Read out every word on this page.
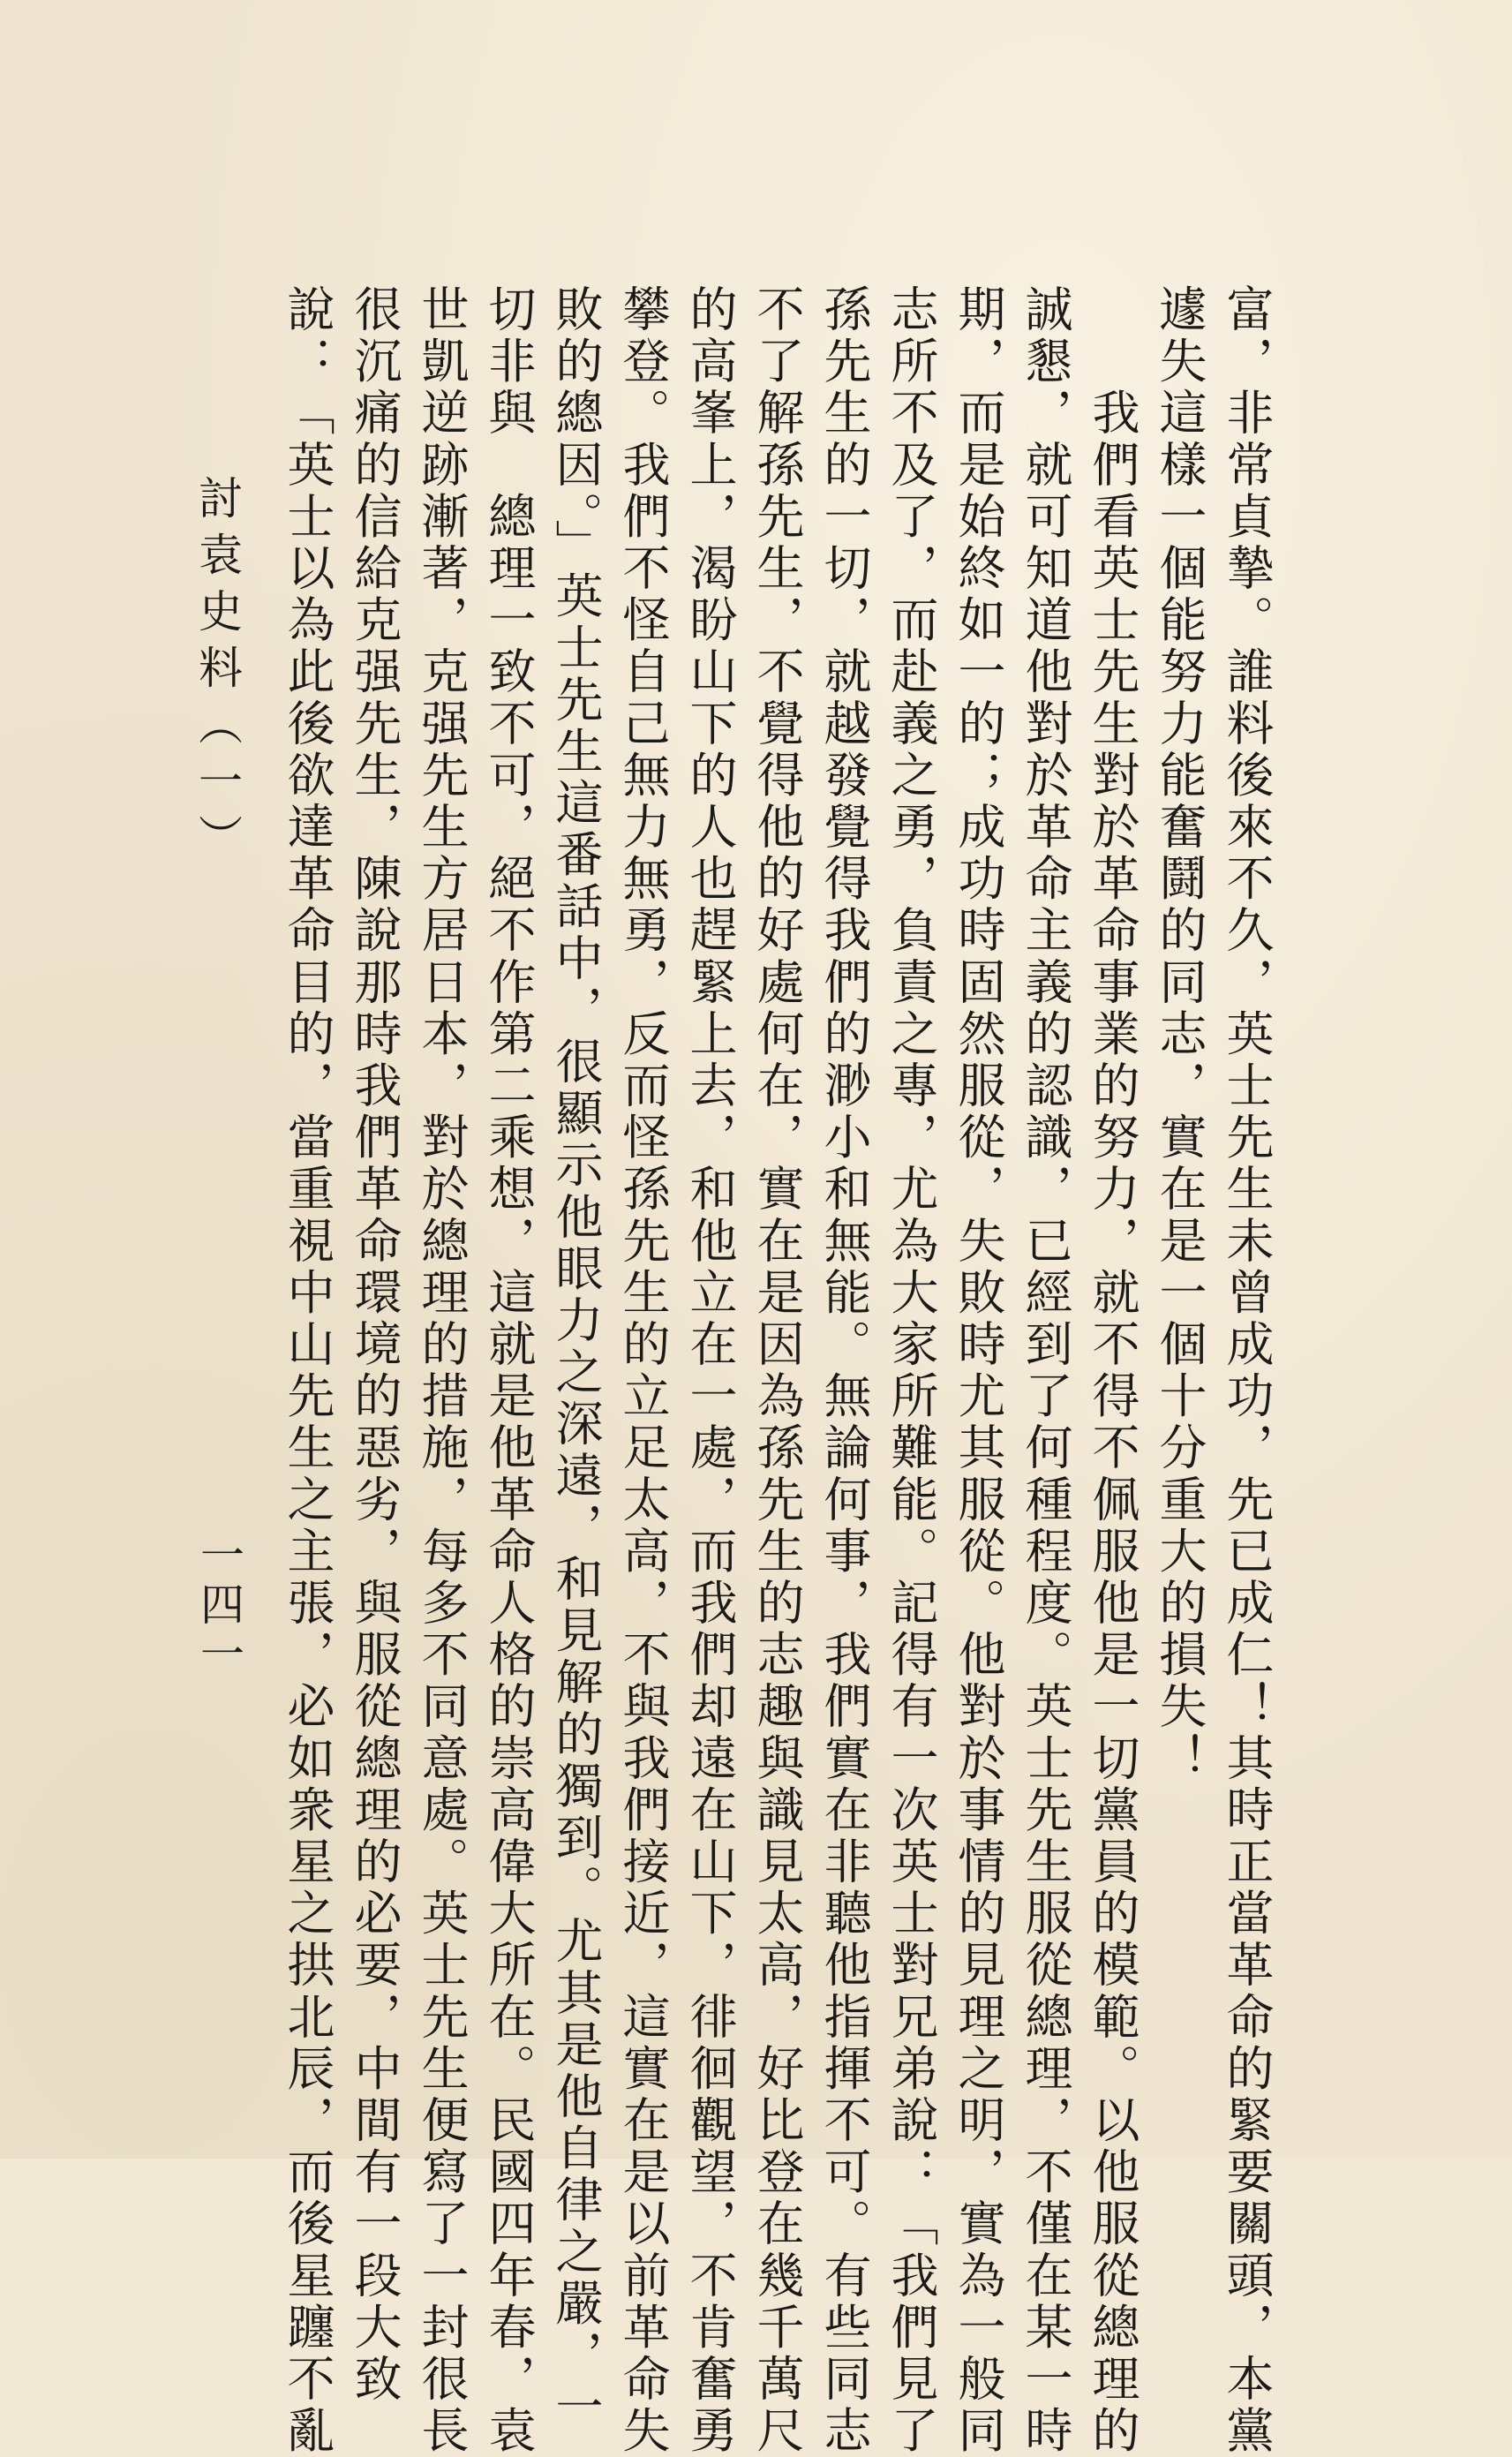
富，非常貞摯。誰料後來不久，英士先生未曾成功，先已成仁！其時正當革命的緊要關頭，本黨
遽失這樣一個能努力能奮鬪的同志，實在是一個十分重大的損失！
　　我們看英士先生對於革命事業的努力，就不得不佩服他是一切黨員的模範。以他服從總理的
誠懇，就可知道他對於革命主義的認識，已經到了何種程度。英士先生服從總理，不僅在某一時
期，而是始終如一的；成功時固然服從，失敗時尤其服從。他對於事情的見理之明，實為一般同
志所不及了，而赴義之勇，負責之專，尤為大家所難能。記得有一次英士對兄弟說：「我們見了
孫先生的一切，就越發覺得我們的渺小和無能。無論何事，我們實在非聽他指揮不可。有些同志
不了解孫先生，不覺得他的好處何在，實在是因為孫先生的志趣與識見太高，好比登在幾千萬尺
的高峯上，渴盼山下的人也趕緊上去，和他立在一處，而我們却遠在山下，徘徊觀望，不肯奮勇
攀登。我們不怪自己無力無勇，反而怪孫先生的立足太高，不與我們接近，這實在是以前革命失
敗的總因。」英士先生這番話中，很顯示他眼力之深遠，和見解的獨到。尤其是他自律之嚴，一
切非與　總理一致不可，絕不作第二乘想，這就是他革命人格的崇高偉大所在。民國四年春，袁
世凱逆跡漸著，克强先生方居日本，對於總理的措施，每多不同意處。英士先生便寫了一封很長
很沉痛的信給克强先生，陳說那時我們革命環境的惡劣，與服從總理的必要，中間有一段大致
說：「英士以為此後欲達革命目的，當重視中山先生之主張，必如衆星之拱北辰，而後星躔不亂
討袁史料（一）
一四一
